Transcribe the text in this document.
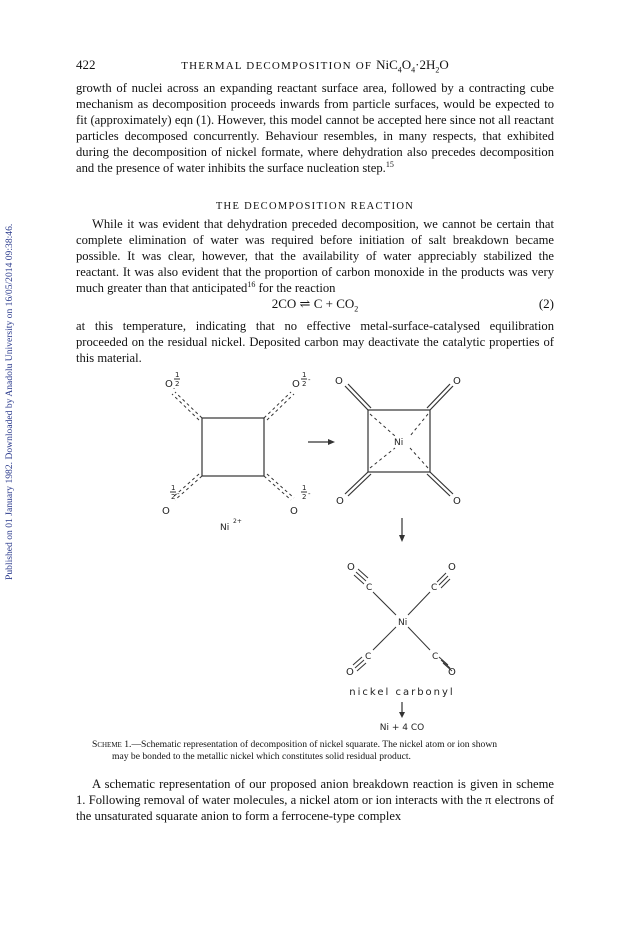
Published on 01 January 1982. Downloaded by Anadolu University on 16/05/2014 09:38:46.
422	THERMAL DECOMPOSITION OF $NiC_4O_4\cdot 2H_2O$

growth of nuclei across an expanding reactant surface area, followed by a contracting cube mechanism as decomposition proceeds inwards from particle surfaces, would be expected to fit (approximately) eqn (1). However, this model cannot be accepted here since not all reactant particles decomposed concurrently. Behaviour resembles, in many respects, that exhibited during the decomposition of nickel formate, where dehydration also precedes decomposition and the presence of water inhibits the surface nucleation step.$^{15}$

THE DECOMPOSITION REACTION

While it was evident that dehydration preceded decomposition, we cannot be certain that complete elimination of water was required before initiation of salt breakdown became possible. It was clear, however, that the availability of water appreciably stabilized the reactant. It was also evident that the proportion of carbon monoxide in the products was very much greater than that anticipated$^{16}$ for the reaction

2CO ⇌ $C + CO_2$	(2)

at this temperature, indicating that no effective metal-surface-catalysed equilibration proceeded on the residual nickel. Deposited carbon may deactivate the catalytic properties of this material.

O
1
2
-	O
1
2 -
O
1
2 -
O
1
2 -
Ni
2+
Ni
O	O
O	O
Ni
C
O
C
O
C
O
C
O
nickel carbonyl
Ni + 4 CO
Scheme 1.—Schematic representation of decomposition of nickel squarate. The nickel atom or ion shown
may be bonded to the metallic nickel which constitutes solid residual product.

A schematic representation of our proposed anion breakdown reaction is given in scheme 1. Following removal of water molecules, a nickel atom or ion interacts with the π electrons of the unsaturated squarate anion to form a ferrocene-type complex
